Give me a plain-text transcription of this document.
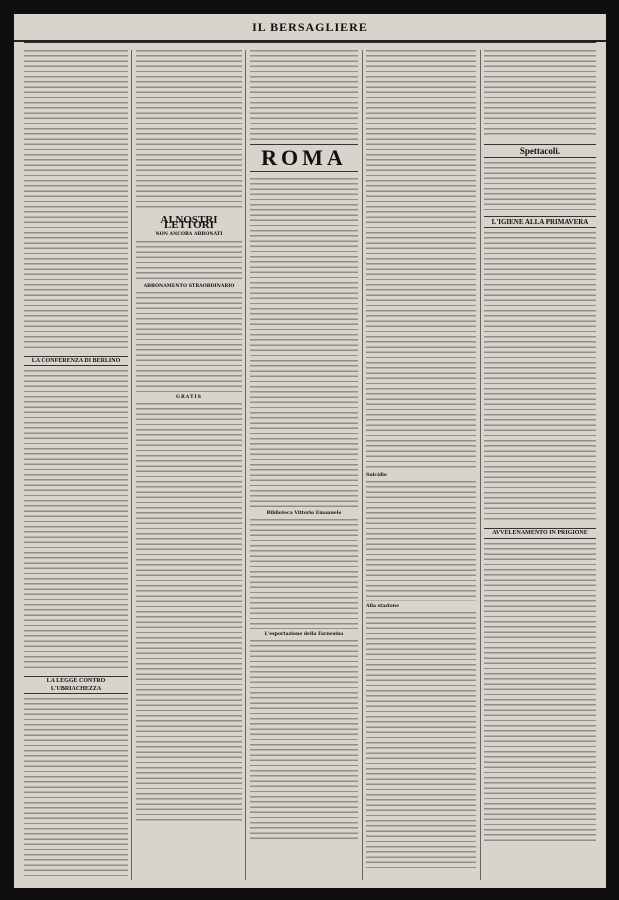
IL BERSAGLIERE
LA CONFERENZA DI BERLINO
LA LEGGE CONTRO L'UBRIACHEZZA
AI NOSTRI LETTORI
NON ANCORA ABBONATI
ABBONAMENTO STRAORDINARIO
GRATIS
ROMA
Biblioteca Vittorio Emanuele
L'esportazione della Farnesina
Suicidio
Alla stazione
Spettacoli.
L'IGIENE ALLA PRIMAVERA
AVVELENAMENTO IN PRIGIONE
